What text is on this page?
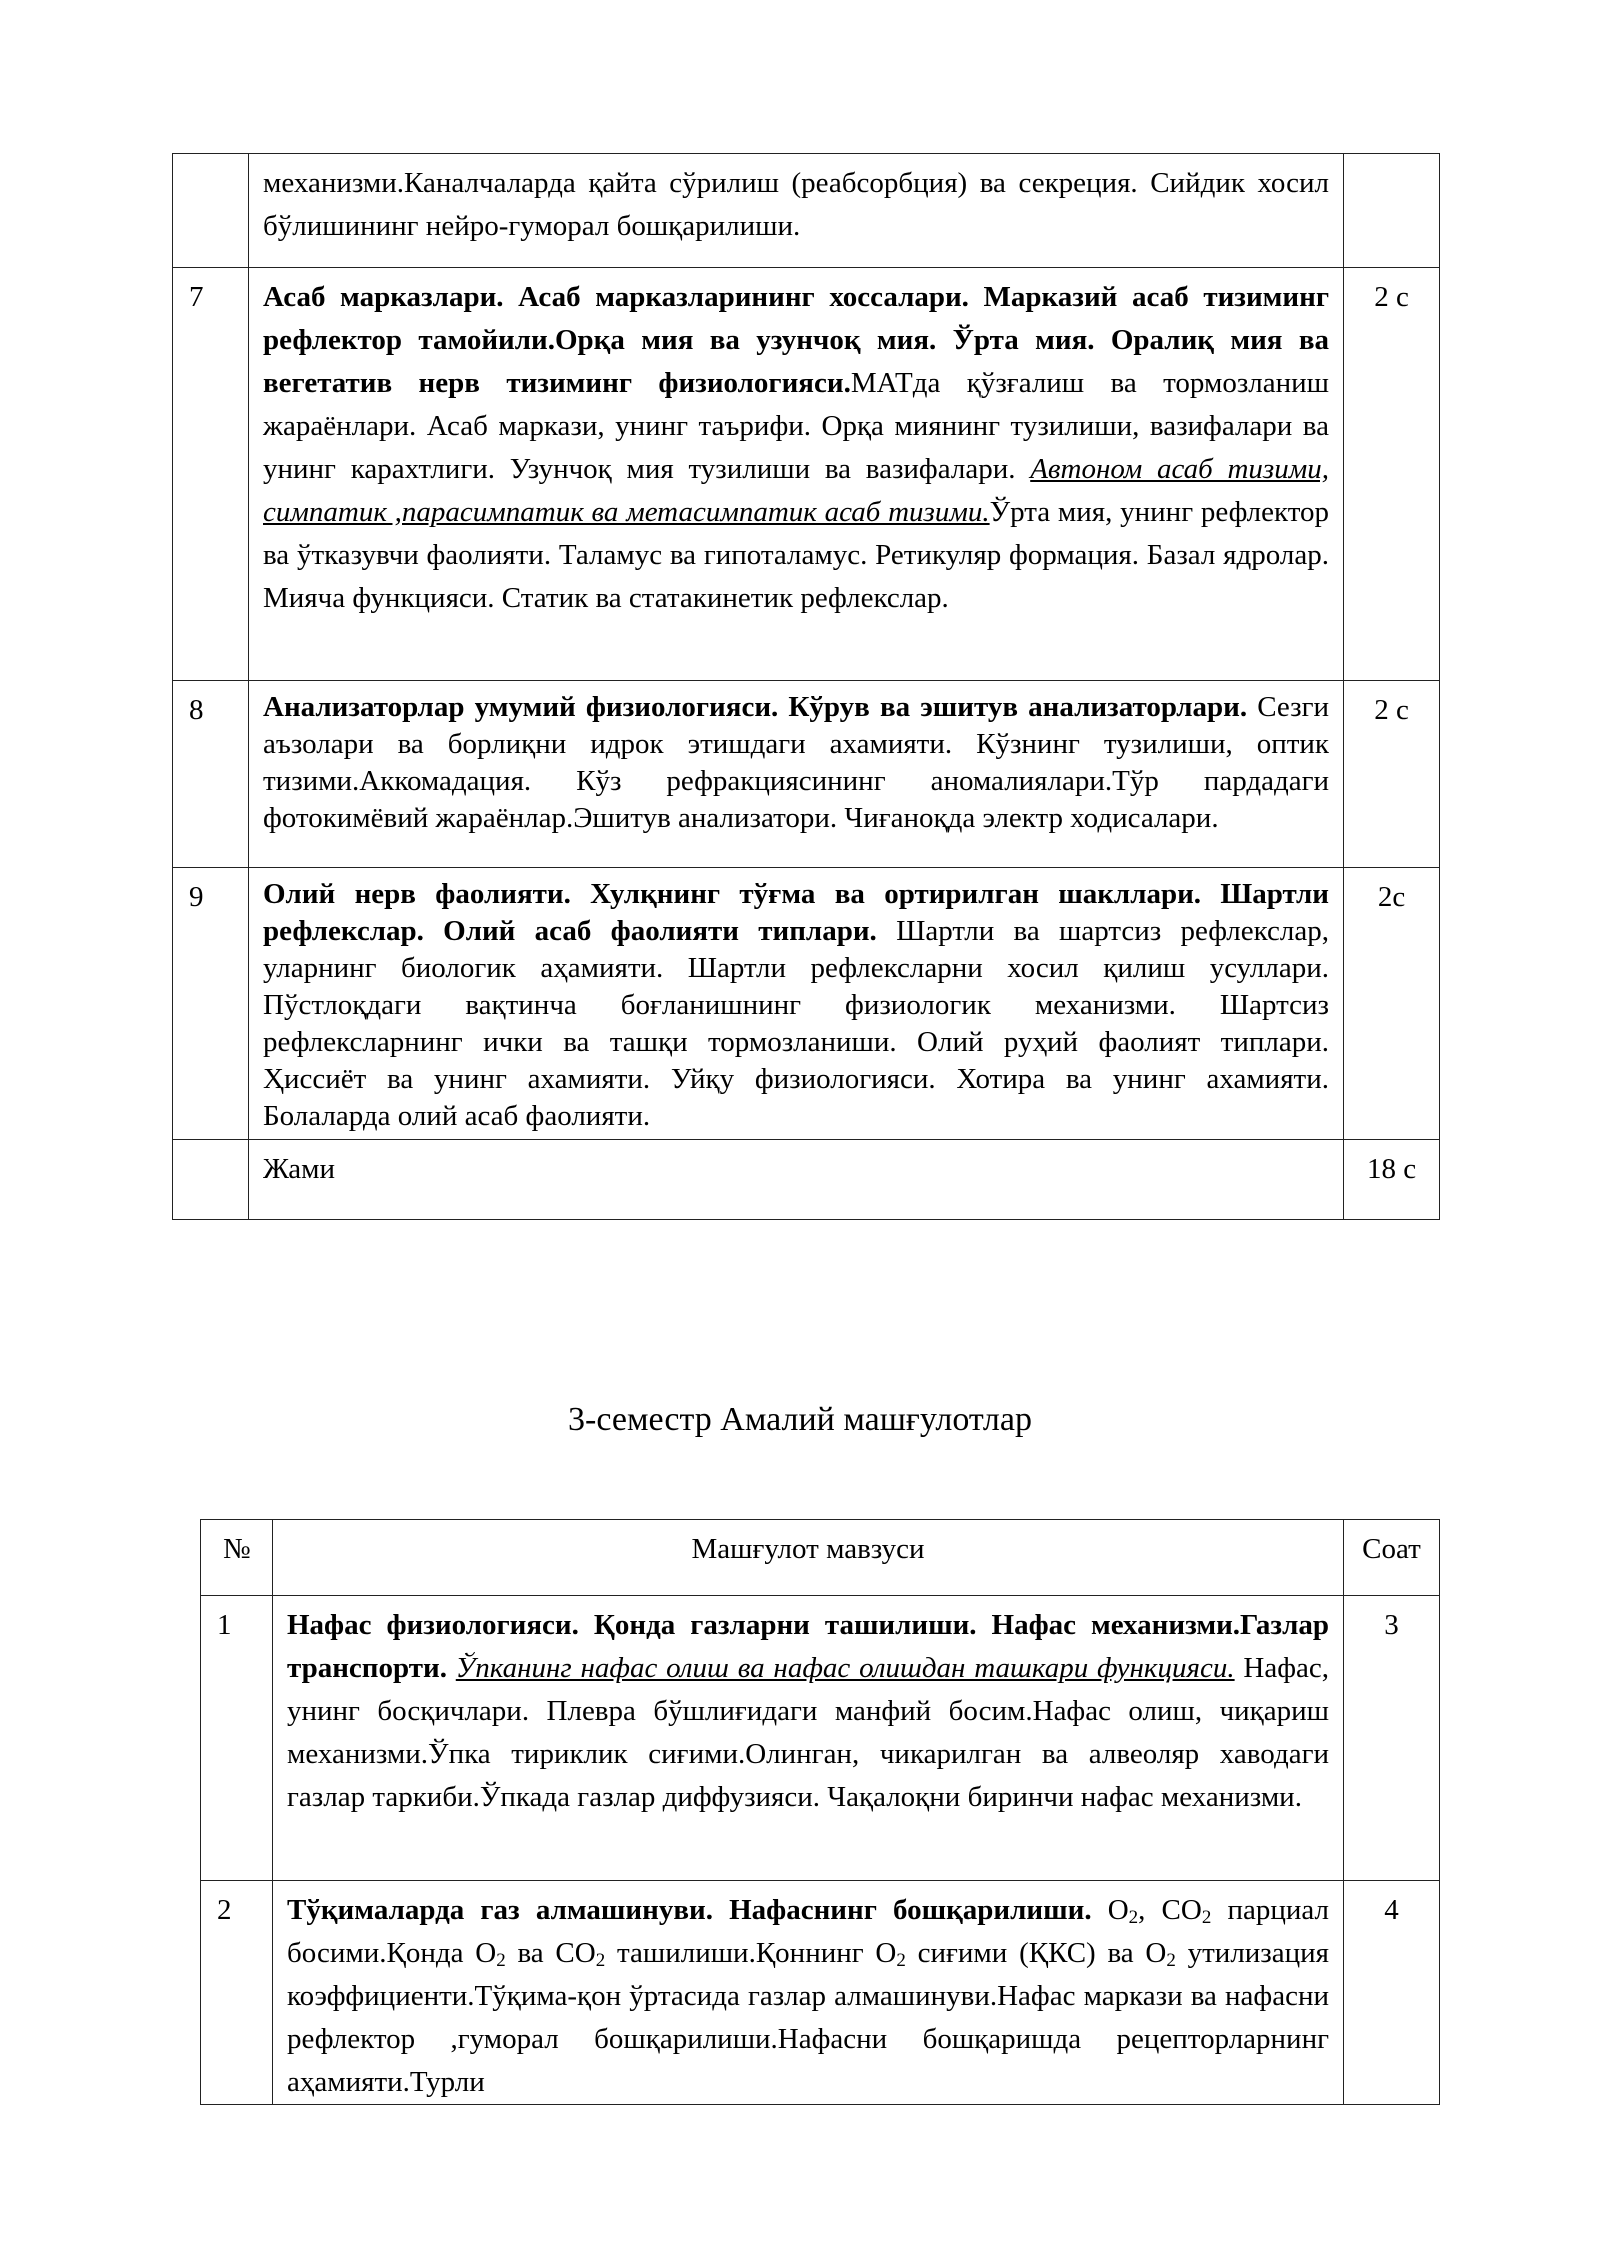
	механизми.Каналчаларда қайта сўрилиш (реабсорбция) ва секреция. Сийдик хосил бўлишининг нейро-гуморал бошқарилиши.	
7	Асаб марказлари. Асаб марказларининг хоссалари. Марказий асаб тизиминг рефлектор тамойили.Орқа мия ва узунчоқ мия. Ўрта мия. Оралиқ мия ва вегетатив нерв тизиминг физиологияси.МАТда қўзғалиш ва тормозланиш жараёнлари. Асаб маркази, унинг таърифи. Орқа миянинг тузилиши, вазифалари ва унинг карахтлиги. Узунчоқ мия тузилиши ва вазифалари. Автоном асаб тизими, симпатик ,парасимпатик ва метасимпатик асаб тизими.Ўрта мия, унинг рефлектор ва ўтказувчи фаолияти. Таламус ва гипоталамус. Ретикуляр формация. Базал ядролар. Мияча функцияси. Статик ва статакинетик рефлекслар.	2 с
8	Анализаторлар умумий физиологияси. Кўрув ва эшитув анализаторлари. Сезги аъзолари ва борлиқни идрок этишдаги ахамияти. Кўзнинг тузилиши, оптик тизими.Аккомадация. Кўз рефракциясининг аномалиялари.Тўр пардадаги фотокимёвий жараёнлар.Эшитув анализатори. Чиғаноқда электр ходисалари.	2 с
9	Олий нерв фаолияти. Хулқнинг тўғма ва ортирилган шакллари. Шартли рефлекслар. Олий асаб фаолияти типлари. Шартли ва шартсиз рефлекслар, уларнинг биологик аҳамияти. Шартли рефлексларни хосил қилиш усуллари. Пўстлоқдаги вақтинча боғланишнинг физиологик механизми. Шартсиз рефлексларнинг ички ва ташқи тормозланиши. Олий руҳий фаолият типлари. Ҳиссиёт ва унинг ахамияти. Уйқу физиологияси. Хотира ва унинг ахамияти. Болаларда олий асаб фаолияти.	2с
	Жами	18 с
3-семестр Амалий машғулотлар
№	Машғулот мавзуси	Соат
1	Нафас физиологияси. Қонда газларни ташилиши. Нафас механизми.Газлар транспорти. Ўпканинг нафас олиш ва нафас олишдан ташкари функцияси. Нафас, унинг босқичлари. Плевра бўшлиғидаги манфий босим.Нафас олиш, чиқариш механизми.Ўпка тириклик сиғими.Олинган, чикарилган ва алвеоляр хаводаги газлар таркиби.Ўпкада газлар диффузияси. Чақалоқни биринчи нафас механизми.	3
2	Тўқималарда газ алмашинуви. Нафаснинг бошқарилиши. $O_2$, $CO_2$ парциал босими.Қонда $O_2$ ва $CO_2$ ташилиши.Қоннинг $O_2$ сиғими (ҚКС) ва $O_2$ утилизация коэффициенти.Тўқима-қон ўртасида газлар алмашинуви.Нафас маркази ва нафасни рефлектор ,гуморал бошқарилиши.Нафасни бошқаришда рецепторларнинг аҳамияти.Турли	4
